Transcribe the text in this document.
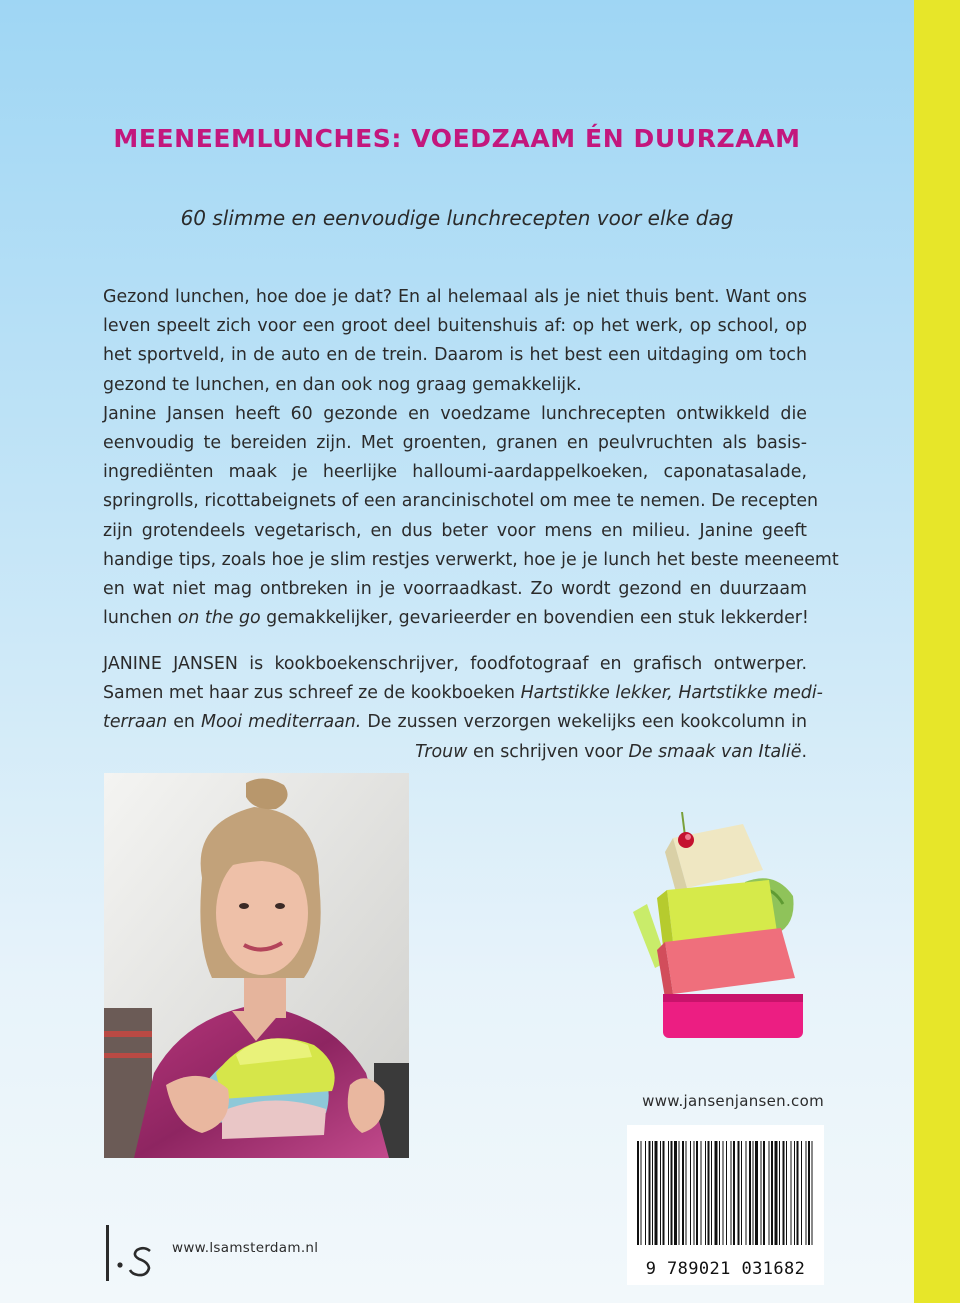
MEENEEMLUNCHES: VOEDZAAM ÉN DUURZAAM
60 slimme en eenvoudige lunchrecepten voor elke dag

Gezond lunchen, hoe doe je dat? En al helemaal als je niet thuis bent. Want ons
leven speelt zich voor een groot deel buitenshuis af: op het werk, op school, op
het sportveld, in de auto en de trein. Daarom is het best een uitdaging om toch
gezond te lunchen, en dan ook nog graag gemakkelijk.
Janine Jansen heeft 60 gezonde en voedzame lunchrecepten ontwikkeld die
eenvoudig te bereiden zijn. Met groenten, granen en peulvruchten als basis-
ingrediënten maak je heerlijke halloumi-aardappelkoeken, caponatasalade,
springrolls, ricottabeignets of een arancinischotel om mee te nemen. De recepten
zijn grotendeels vegetarisch, en dus beter voor mens en milieu. Janine geeft
handige tips, zoals hoe je slim restjes verwerkt, hoe je je lunch het beste meeneemt
en wat niet mag ontbreken in je voorraadkast. Zo wordt gezond en duurzaam
lunchen on the go gemakkelijker, gevarieerder en bovendien een stuk lekkerder!

JANINE JANSEN is kookboekenschrijver, foodfotograaf en grafisch ontwerper.
Samen met haar zus schreef ze de kookboeken Hartstikke lekker, Hartstikke medi-
terraan en Mooi mediterraan. De zussen verzorgen wekelijks een kookcolumn in
Trouw en schrijven voor De smaak van Italië.

www.jansenjansen.com
9 789021 031682
www.lsamsterdam.nl
